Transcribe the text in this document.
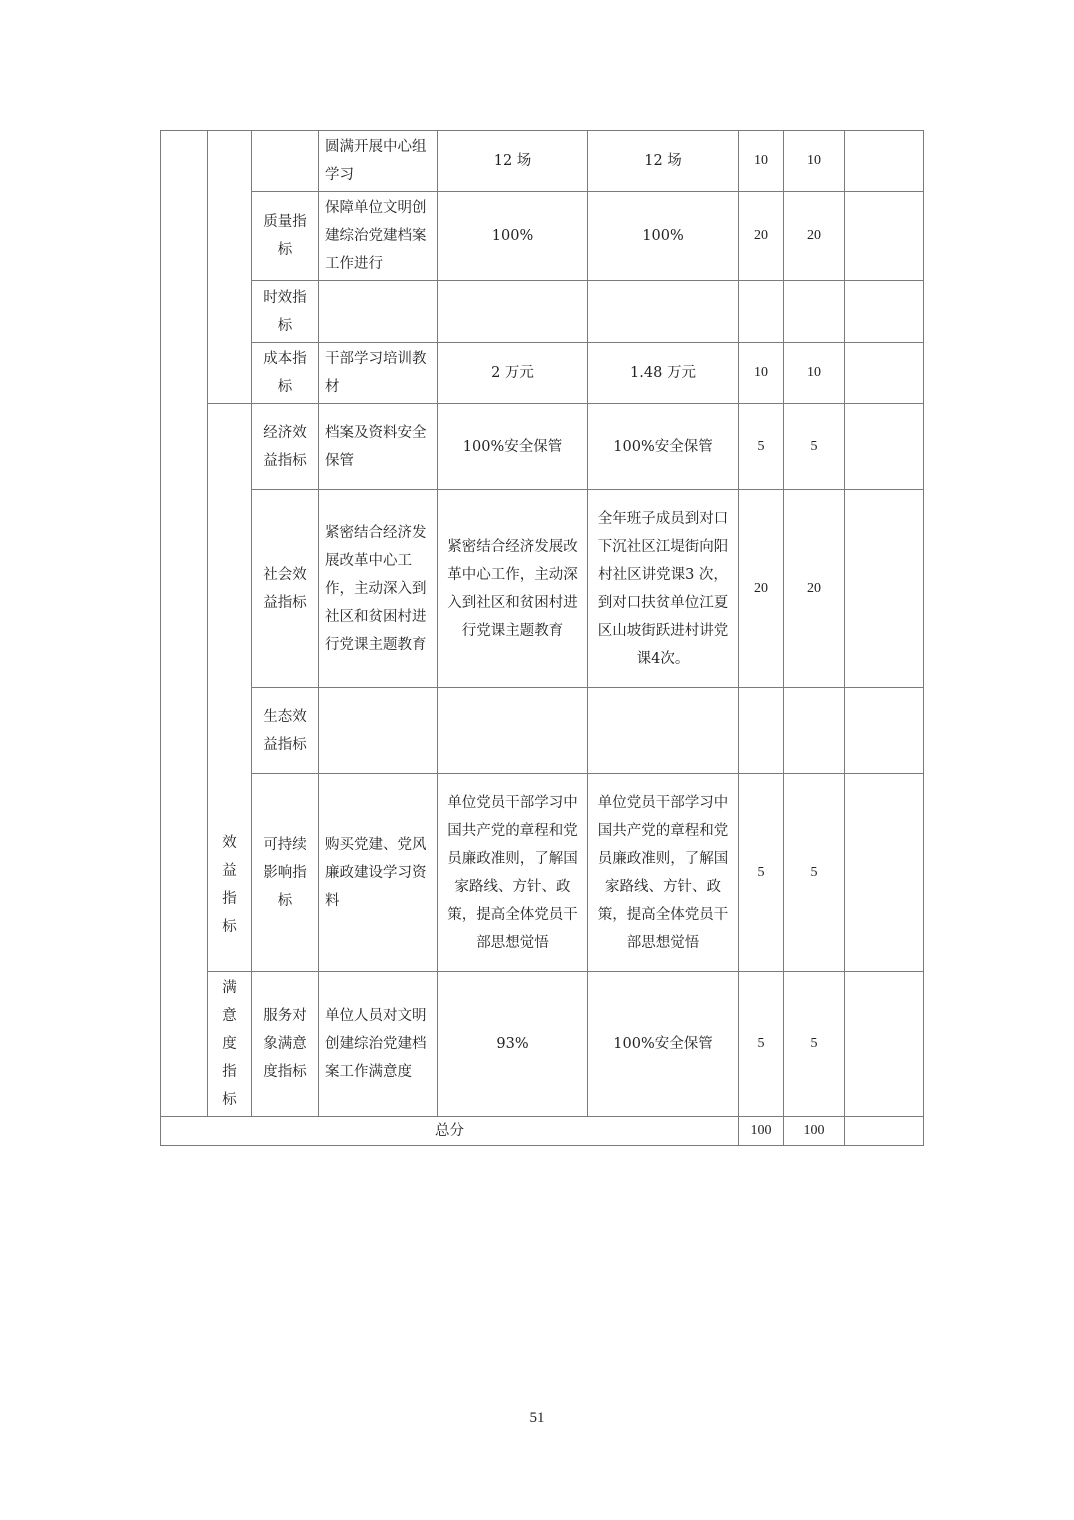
			圆满开展中心组学习	12 场	12 场	10	10	
		质量指标	保障单位文明创建综治党建档案工作进行	100%	100%	20	20	
		时效指标						
		成本指标	干部学习培训教材	2 万元	1.48 万元	10	10	
	效益指标	经济效益指标	档案及资料安全保管	100%安全保管	100%安全保管	5	5	
		社会效益指标	紧密结合经济发展改革中心工作，主动深入到社区和贫困村进行党课主题教育	紧密结合经济发展改革中心工作，主动深入到社区和贫困村进行党课主题教育	全年班子成员到对口下沉社区江堤街向阳村社区讲党课3 次，到对口扶贫单位江夏区山坡街跃进村讲党课4次。	20	20	
		生态效益指标						
		可持续影响指标	购买党建、党风廉政建设学习资料	单位党员干部学习中国共产党的章程和党员廉政准则，了解国家路线、方针、政策，提高全体党员干部思想觉悟	单位党员干部学习中国共产党的章程和党员廉政准则，了解国家路线、方针、政策，提高全体党员干部思想觉悟	5	5	
	满意度指标	服务对象满意度指标	单位人员对文明创建综治党建档案工作满意度	93%	100%安全保管	5	5	
总分						100	100	
51
